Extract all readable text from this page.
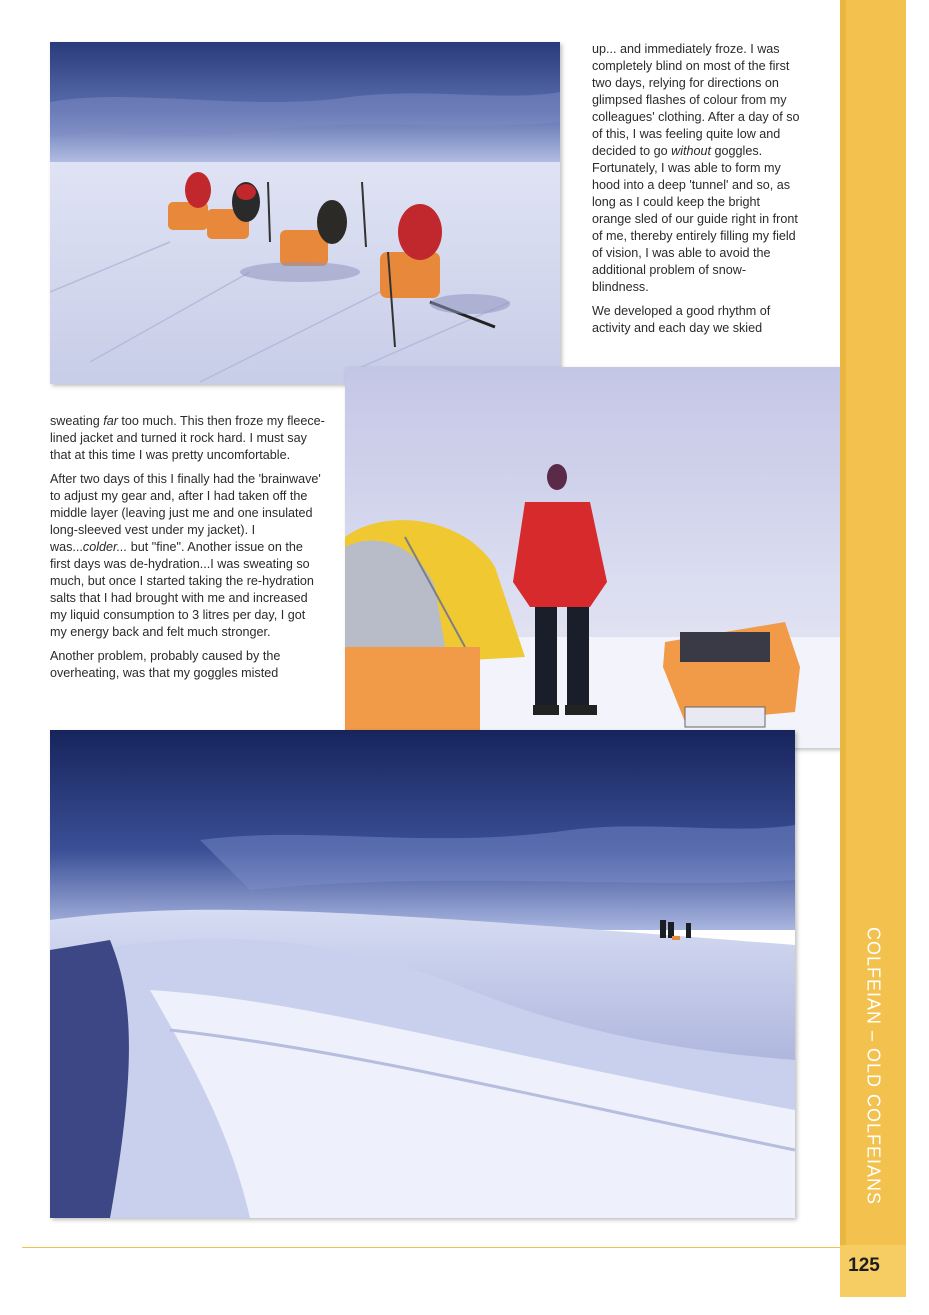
up... and immediately froze. I was completely blind on most of the first two days, relying for directions on glimpsed flashes of colour from my colleagues' clothing. After a day of so of this, I was feeling quite low and decided to go without goggles. Fortunately, I was able to form my hood into a deep 'tunnel' and so, as long as I could keep the bright orange sled of our guide right in front of me, thereby entirely filling my field of vision, I was able to avoid the additional problem of snow-blindness.

We developed a good rhythm of activity and each day we skied

sweating far too much. This then froze my fleece-lined jacket and turned it rock hard. I must say that at this time I was pretty uncomfortable.

After two days of this I finally had the 'brainwave' to adjust my gear and, after I had taken off the middle layer (leaving just me and one insulated long-sleeved vest under my jacket). I was...colder... but "fine". Another issue on the first days was de-hydration...I was sweating so much, but once I started taking the re-hydration salts that I had brought with me and increased my liquid consumption to 3 litres per day, I got my energy back and felt much stronger.

Another problem, probably caused by the overheating, was that my goggles misted

COLFEIAN – OLD COLFEIANS
125
